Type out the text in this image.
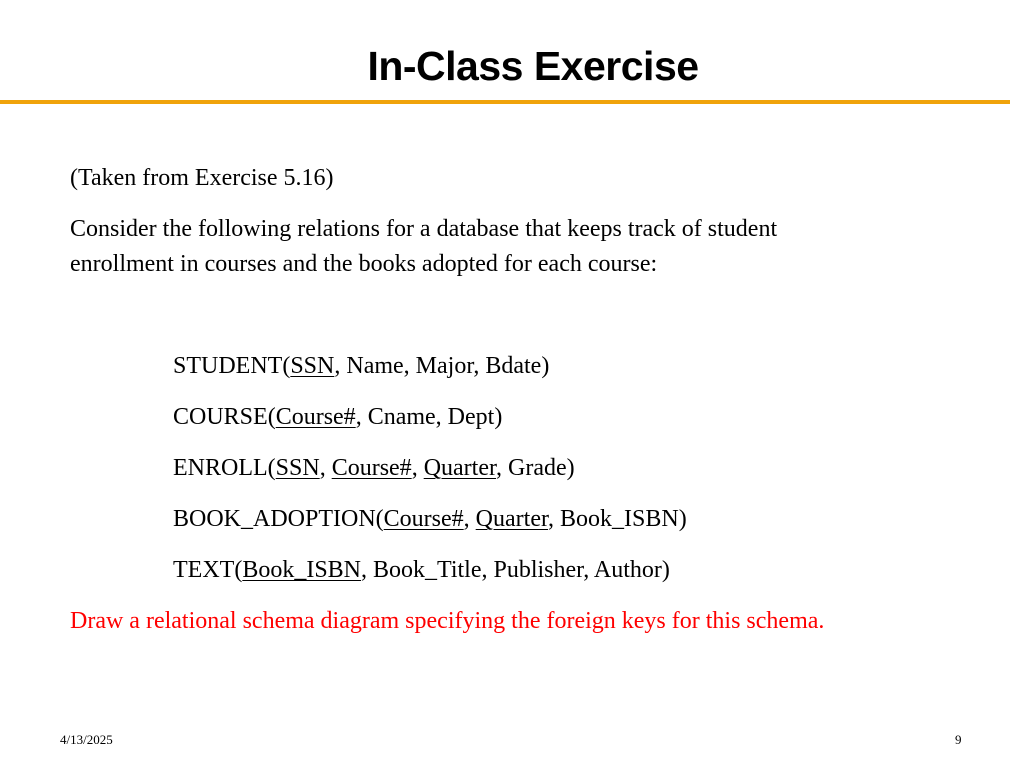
In-Class Exercise

(Taken from Exercise 5.16)

Consider the following relations for a database that keeps track of student

enrollment in courses and the books adopted for each course:

STUDENT(SSN, Name, Major, Bdate)

COURSE(Course#, Cname, Dept)

ENROLL(SSN, Course#, Quarter, Grade)

BOOK_ADOPTION(Course#, Quarter, Book_ISBN)

TEXT(Book_ISBN, Book_Title, Publisher, Author)

Draw a relational schema diagram specifying the foreign keys for this schema.

4/13/2025	9
